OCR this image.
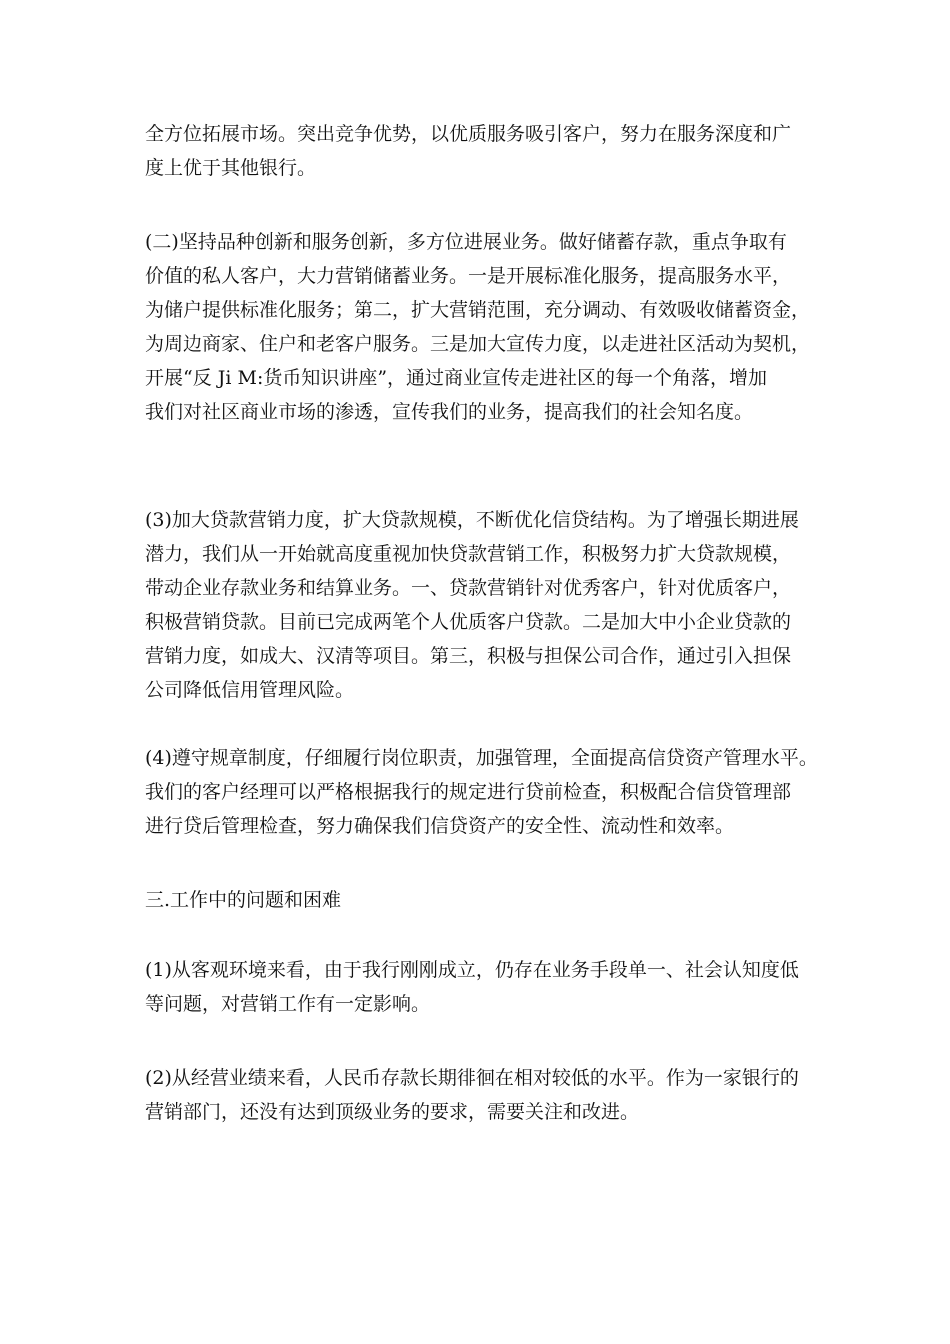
全方位拓展市场。突出竞争优势，以优质服务吸引客户，努力在服务深度和广
度上优于其他银行。
(二)坚持品种创新和服务创新，多方位进展业务。做好储蓄存款，重点争取有
价值的私人客户，大力营销储蓄业务。一是开展标准化服务，提高服务水平，
为储户提供标准化服务；第二，扩大营销范围，充分调动、有效吸收储蓄资金，
为周边商家、住户和老客户服务。三是加大宣传力度，以走进社区活动为契机，
开展“反 Ji M:货币知识讲座”，通过商业宣传走进社区的每一个角落，增加
我们对社区商业市场的渗透，宣传我们的业务，提高我们的社会知名度。
(3)加大贷款营销力度，扩大贷款规模，不断优化信贷结构。为了增强长期进展
潜力，我们从一开始就高度重视加快贷款营销工作，积极努力扩大贷款规模，
带动企业存款业务和结算业务。一、贷款营销针对优秀客户，针对优质客户，
积极营销贷款。目前已完成两笔个人优质客户贷款。二是加大中小企业贷款的
营销力度，如成大、汉清等项目。第三，积极与担保公司合作，通过引入担保
公司降低信用管理风险。
(4)遵守规章制度，仔细履行岗位职责，加强管理，全面提高信贷资产管理水平。
我们的客户经理可以严格根据我行的规定进行贷前检查，积极配合信贷管理部
进行贷后管理检查，努力确保我们信贷资产的安全性、流动性和效率。
三.工作中的问题和困难
(1)从客观环境来看，由于我行刚刚成立，仍存在业务手段单一、社会认知度低
等问题，对营销工作有一定影响。
(2)从经营业绩来看，人民币存款长期徘徊在相对较低的水平。作为一家银行的
营销部门，还没有达到顶级业务的要求，需要关注和改进。
